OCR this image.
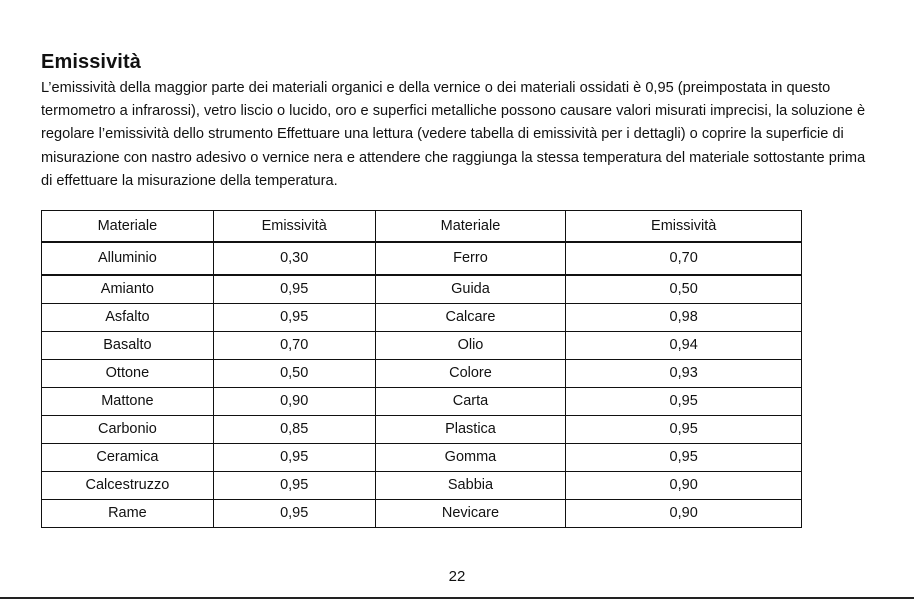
Emissività

L’emissività della maggior parte dei materiali organici e della vernice o dei materiali ossidati è 0,95 (preimpostata in questo termometro a infrarossi), vetro liscio o lucido, oro e superfici metalliche possono causare valori misurati imprecisi, la soluzione è regolare l’emissività dello strumento Effettuare una lettura (vedere tabella di emissività per i dettagli) o coprire la superficie di misurazione con nastro adesivo o vernice nera e attendere che raggiunga la stessa temperatura del materiale sottostante prima di effettuare la misurazione della temperatura.

Materiale	Emissività	Materiale	Emissività
Alluminio	0,30	Ferro	0,70
Amianto	0,95	Guida	0,50
Asfalto	0,95	Calcare	0,98
Basalto	0,70	Olio	0,94
Ottone	0,50	Colore	0,93
Mattone	0,90	Carta	0,95
Carbonio	0,85	Plastica	0,95
Ceramica	0,95	Gomma	0,95
Calcestruzzo	0,95	Sabbia	0,90
Rame	0,95	Nevicare	0,90
22
